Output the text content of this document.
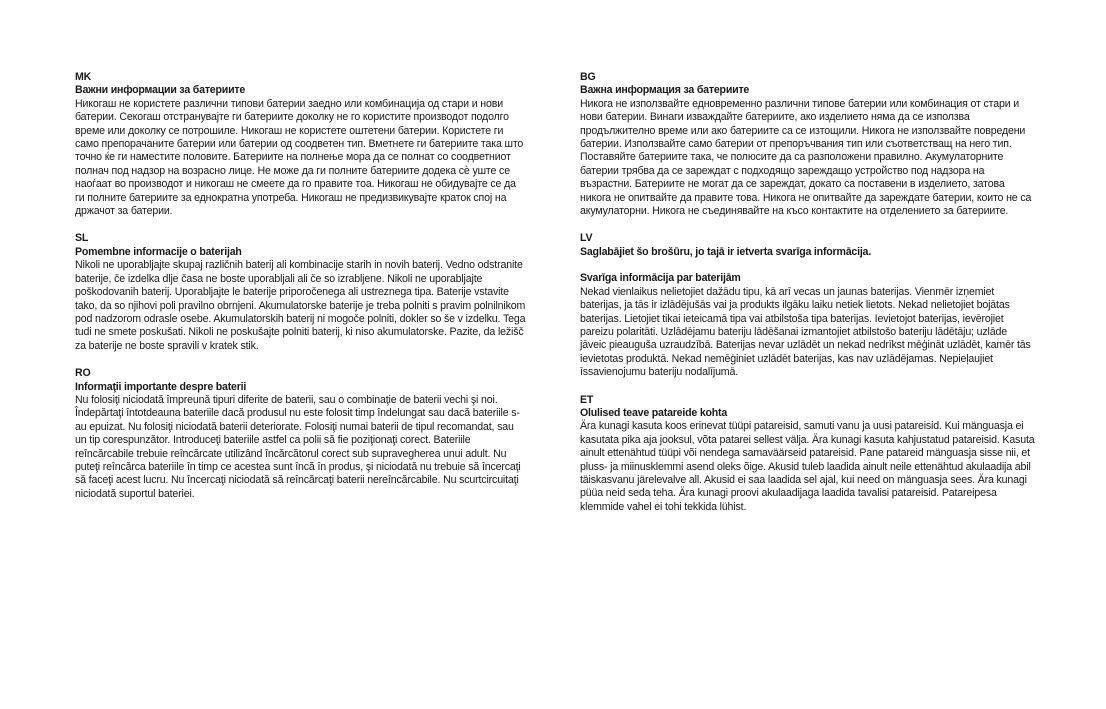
MK
Важни информации за батериите

Никогаш не користете различни типови батерии заедно или комбинација од стари и нови батерии. Секогаш отстранувајте ги батериите доколку не го користите производот подолго време или доколку се потрошиле. Никогаш не користете оштетени батерии. Користете ги само препорачаните батерии или батерии од соодветен тип. Вметнете ги батериите така што точно ќе ги наместите половите. Батериите на полнење мора да се полнат со соодветниот полнач под надзор на возрасно лице. Не може да ги полните батериите додека сѐ уште се наоѓаат во производот и никогаш не смеете да го правите тоа. Никогаш не обидувајте се да ги полните батериите за еднократна употреба. Никогаш не предизвикувајте краток спој на држачот за батерии.

SL
Pomembne informacije o baterijah

Nikoli ne uporabljajte skupaj različnih baterij ali kombinacije starih in novih baterij. Vedno odstranite baterije, če izdelka dlje časa ne boste uporabljali ali če so izrabljene. Nikoli ne uporabljajte poškodovanih baterij. Uporabljajte le baterije priporočenega ali ustreznega tipa. Baterije vstavite tako, da so njihovi poli pravilno obrnjeni. Akumulatorske baterije je treba polniti s pravim polnilnikom pod nadzorom odrasle osebe. Akumulatorskih baterij ni mogoče polniti, dokler so še v izdelku. Tega tudi ne smete poskušati. Nikoli ne poskušajte polniti baterij, ki niso akumulatorske. Pazite, da ležišč za baterije ne boste spravili v kratek stik.

RO
Informaţii importante despre baterii

Nu folosiţi niciodată împreună tipuri diferite de baterii, sau o combinaţie de baterii vechi şi noi. Îndepărtaţi întotdeauna bateriile dacă produsul nu este folosit timp îndelungat sau dacă bateriile s-au epuizat. Nu folosiţi niciodată baterii deteriorate. Folosiţi numai baterii de tipul recomandat, sau un tip corespunzător. Introduceţi bateriile astfel ca polii să fie poziţionaţi corect. Bateriile reîncărcabile trebuie reîncărcate utilizând încărcătorul corect sub supravegherea unui adult. Nu puteţi reîncărca bateriile în timp ce acestea sunt încă în produs, şi niciodată nu trebuie să încercaţi să faceţi acest lucru. Nu încercaţi niciodată să reîncărcaţi baterii nereîncărcabile. Nu scurtcircuitaţi niciodată suportul bateriei.

BG
Важна информация за батериите

Никога не използвайте едновременно различни типове батерии или комбинация от стари и нови батерии. Винаги изваждайте батериите, ако изделието няма да се използва продължително време или ако батериите са се изтощили. Никога не използвайте повредени батерии. Използвайте само батерии от препоръчвания тип или съответстващ на него тип. Поставяйте батериите така, че полюсите да са разположени правилно. Акумулаторните батерии трябва да се зареждат с подходящо зареждащо устройство под надзора на възрастни. Батериите не могат да се зареждат, докато са поставени в изделието, затова никога не опитвайте да правите това. Никога не опитвайте да зареждате батерии, които не са акумулаторни. Никога не съединявайте на късо контактите на отделението за батериите.

LV
Saglabājiet šo brošūru, jo tajā ir ietverta svarīga informācija.
Svarīga informācija par baterijām

Nekad vienlaikus nelietojiet dažādu tipu, kā arī vecas un jaunas baterijas. Vienmēr izņemiet baterijas, ja tās ir izlādējušās vai ja produkts ilgāku laiku netiek lietots. Nekad nelietojiet bojātas baterijas. Lietojiet tikai ieteicamā tipa vai atbilstoša tipa baterijas. Ievietojot baterijas, ievērojiet pareizu polaritāti. Uzlādējamu bateriju lādēšanai izmantojiet atbilstošo bateriju lādētāju; uzlāde jāveic pieauguša uzraudzībā. Baterijas nevar uzlādēt un nekad nedrīkst mēģināt uzlādēt, kamēr tās ievietotas produktā. Nekad nemēģiniet uzlādēt baterijas, kas nav uzlādējamas. Nepieļaujiet īssavienojumu bateriju nodalījumā.

ET
Olulised teave patareide kohta

Ära kunagi kasuta koos erinevat tüüpi patareisid, samuti vanu ja uusi patareisid. Kui mänguasja ei kasutata pika aja jooksul, võta patarei sellest välja. Ära kunagi kasuta kahjustatud patareisid. Kasuta ainult ettenähtud tüüpi või nendega samaväärseid patareisid. Pane patareid mänguasja sisse nii, et pluss- ja miinusklemmi asend oleks õige. Akusid tuleb laadida ainult neile ettenähtud akulaadija abil täiskasvanu järelevalve all. Akusid ei saa laadida sel ajal, kui need on mänguasja sees. Ära kunagi püüa neid seda teha. Ära kunagi proovi akulaadijaga laadida tavalisi patareisid. Patareipesa klemmide vahel ei tohi tekkida lühist.
